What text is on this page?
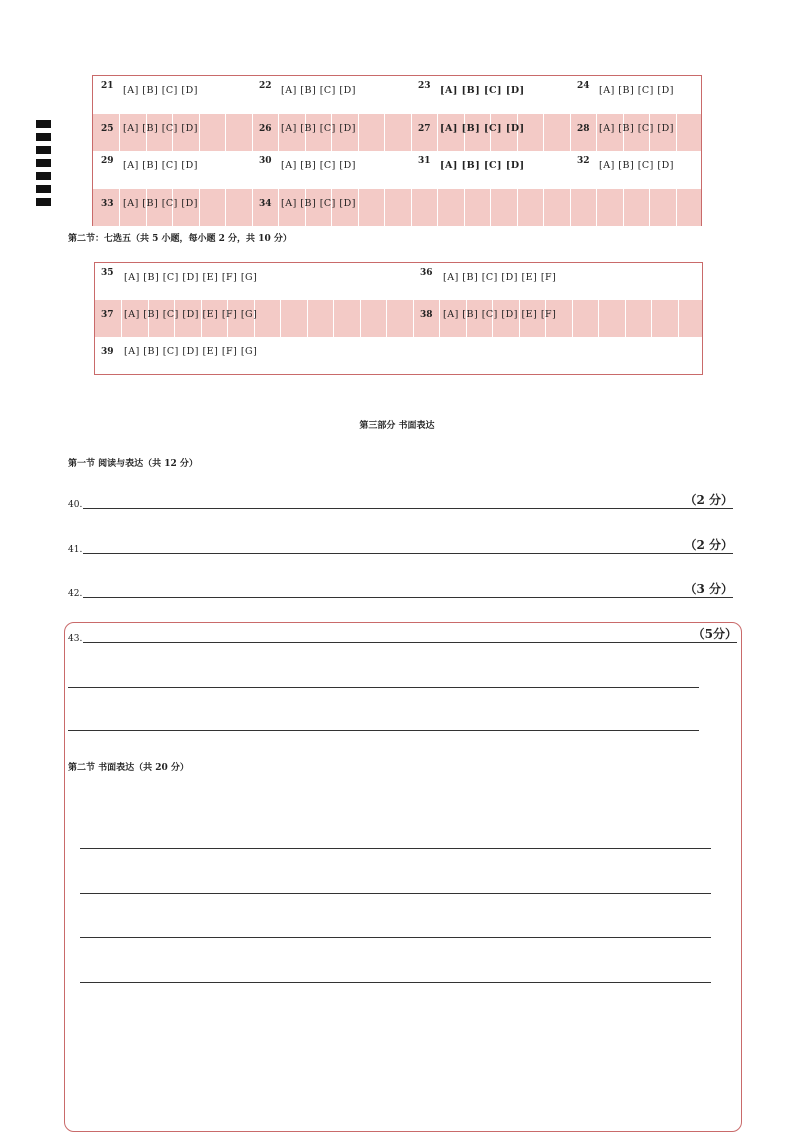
21 [A] [B] [C] [D]	22 [A] [B] [C] [D]	23 [A] [B] [C] [D]	24 [A] [B] [C] [D]
25 [A] [B] [C] [D]	26 [A] [B] [C] [D]	27 [A] [B] [C] [D]	28 [A] [B] [C] [D]
29 [A] [B] [C] [D]	30 [A] [B] [C] [D]	31 [A] [B] [C] [D]	32 [A] [B] [C] [D]
33 [A] [B] [C] [D]	34 [A] [B] [C] [D]
第二节：七选五（共 5 小题，每小题 2 分，共 10 分）
35 [A] [B] [C] [D] [E] [F] [G]	36 [A] [B] [C] [D] [E] [F]
37 [A] [B] [C] [D] [E] [F] [G]	38 [A] [B] [C] [D] [E] [F]
39 [A] [B] [C] [D] [E] [F] [G]
第三部分 书面表达
第一节 阅读与表达（共 12 分）
40.	（2 分）
41.	（2 分）
42.	（3 分）
43.	（5分）
第二节 书面表达（共 20 分）
